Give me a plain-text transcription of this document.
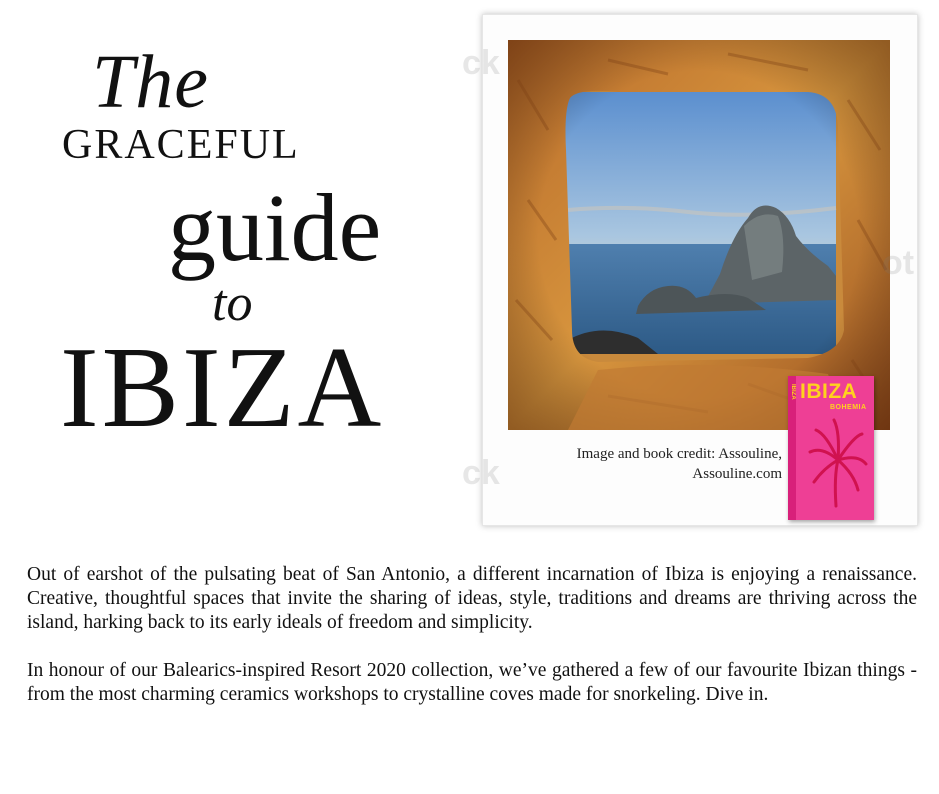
The
GRACEFUL
guide
to
IBIZA
ck
ot
ck	Image and book credit: Assouline,
Assouline.com
IBIZA IBIZA
BOHEMIA

Out of earshot of the pulsating beat of San Antonio, a different incarnation of Ibiza is enjoying a renaissance. Creative, thoughtful spaces that invite the sharing of ideas, style, traditions and dreams are thriving across the island, harking back to its early ideals of freedom and simplicity.

In honour of our Balearics-inspired Resort 2020 collection, we’ve gathered a few of our favourite Ibizan things - from the most charming ceramics workshops to crystalline coves made for snorkeling. Dive in.
